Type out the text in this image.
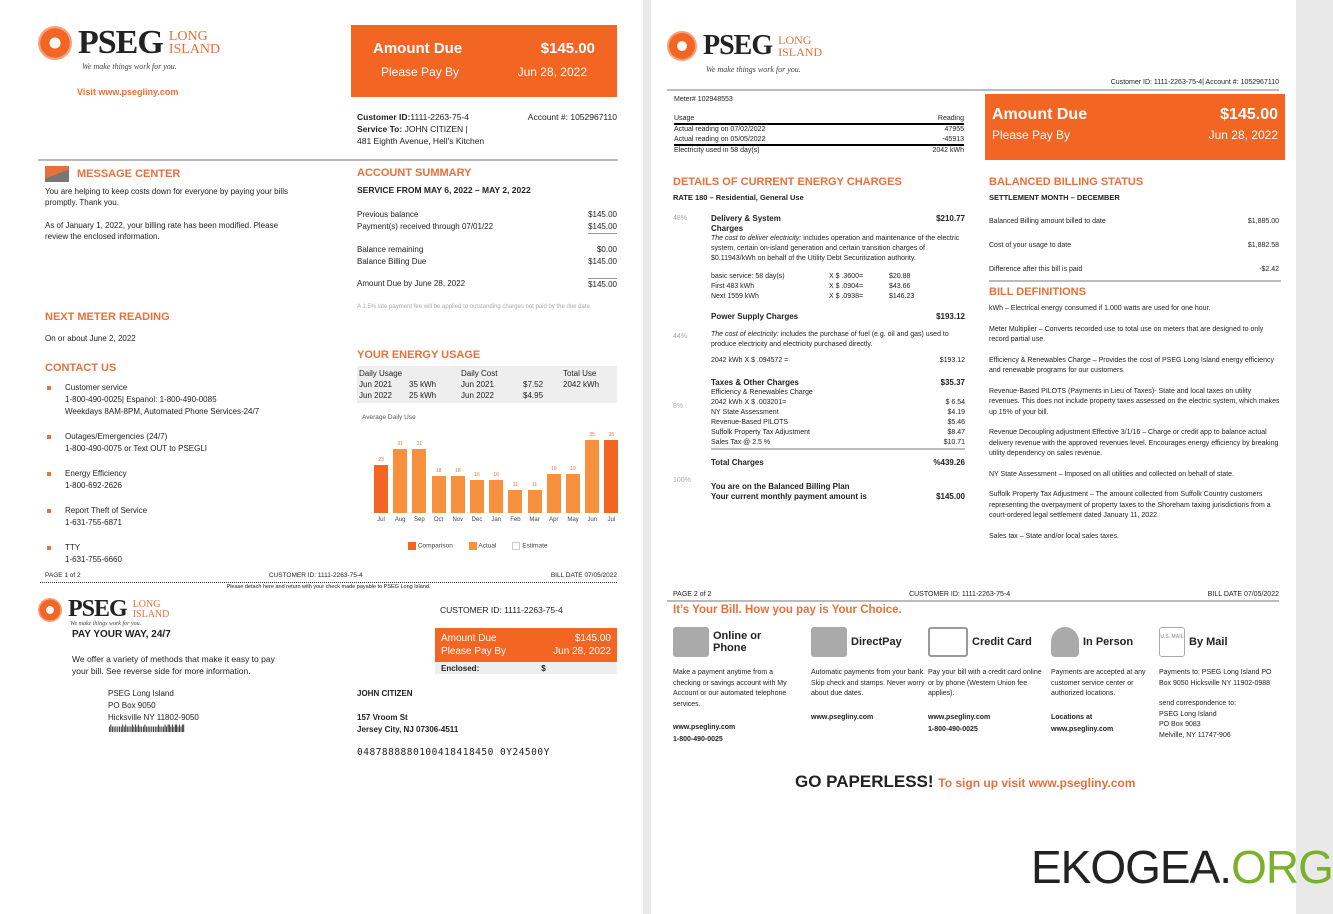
PSEG LONG
ISLAND
We make things work for you.
Visit www.psegliny.com
Amount Due	$145.00
Please Pay By	Jun 28, 2022
Customer ID:1111-2263-75-4	Account #: 1052967110
Service To: JOHN CITIZEN |
481 Eighth Avenue, Hell's Kitchen
MESSAGE CENTER

You are helping to keep costs down for everyone by paying your bills promptly. Thank you.

As of January 1, 2022, your billing rate has been modified. Please review the enclosed information.

NEXT METER READING

On or about June 2, 2022

CONTACT US
Customer service
1-800-490-0025| Espanol: 1-800-490-0085
Weekdays 8AM-8PM, Automated Phone Services-24/7
Outages/Emergencies (24/7)
1-800-490-0075 or Text OUT to PSEGLI
Energy Efficiency
1-800-692-2626
Report Theft of Service
1-631-755-6871
TTY
1-631-755-6660
ACCOUNT SUMMARY
SERVICE FROM MAY 6, 2022 – MAY 2, 2022
Previous balance	$145.00
Payment(s) received through 07/01/22	$145.00
Balance remaining	$0.00
Balance Billing Due	$145.00
Amount Due by June 28, 2022	$145.00
A 1.5% late payment fee will be applied to outstanding charges not paid by the due date.
YOUR ENERGY USAGE
Daily Usage	Daily Cost	Total Use
Jun 2021	35 kWh	Jun 2021	$7.52	2042 kWh
Jun 2022	25 kWh	Jun 2022	$4.95
Average Daily Use
23
31	31
18	18
16	16
11	11
19	19
35	35
Jul	Aug	Sep	Oct	Nov	Dec	Jan	Feb	Mar	Apr	May	Jun	Jul
Comparison	Actual	Estimate
PAGE 1 of 2	CUSTOMER ID: 1111-2263-75-4	BILL DATE 07/05/2022
Please detach here and return with your check made payable to PSEG Long Island.
PSEG LONG
ISLAND
We make things work for you.
PAY YOUR WAY, 24/7

We offer a variety of methods that make it easy to pay your bill. See reverse side for more information.

CUSTOMER ID: 1111-2263-75-4
Amount Due	$145.00
Please Pay By	Jun 28, 2022
Enclosed:	$
PSEG Long Island
PO Box 9050
Hicksville NY 11802-9050
ılıııııılılııılılılııılııııııılııılıllılıllılıll
JOHN CITIZEN
157 Vroom St
Jersey City, NJ 07306-4511
0487888880100418418450 0Y24500Y
PSEG LONG
ISLAND
We make things work for you.
Customer ID: 1111-2263-75-4| Account #: 1052967110
Meter# 102948553
Usage	Reading
Actual reading on 07/02/2022	47955
Actual reading on 05/05/2022	-45913
Electricity used in 58 day(s)	2042 kWh
Amount Due	$145.00
Please Pay By	Jun 28, 2022
DETAILS OF CURRENT ENERGY CHARGES
RATE 180 – Residential, General Use
48%	Delivery & System Charges
$210.77

The cost to deliver electricity: includes operation and maintenance of the electric system, certain on-island generation and certain transition charges of $0.11943/kWh on behalf of the Utility Debt Securitization authority.

basic service: 58 day(s)	X $ .3600=	$20.88
First 483 kWh	X $ .0904=	$43.66
Next 1559 kWh	X $ .0938=	$146.23
44%
Power Supply Charges	$193.12

The cost of electricity: includes the purchase of fuel (e.g. oil and gas) used to produce electricity and electricity purchased directly.

2042 kWh X $ .094572 =	$193.12
8%
Taxes & Other Charges	$35.37
Efficiency & Renewables Charge
2042 kWh X $ .003201=	$ 6.54
NY State Assessment	$4.19
Revenue-Based PILOTS	$5.46
Suffolk Property Tax Adjustment	$8.47
Sales Tax @ 2.5 %	$10.71
100%
Total Charges	%439.26
You are on the Balanced Billing Plan
Your current monthly payment amount is	$145.00
BALANCED BILLING STATUS
SETTLEMENT MONTH – DECEMBER
Balanced Billing amount billed to date	$1,885.00
Cost of your usage to date	$1,882.58
Difference after this bill is paid	-$2.42
BILL DEFINITIONS

kWh – Electrical energy consumed if 1.000 watts are used for one hour.

Meter Multiplier – Converts recorded use to total use on meters that are designed to only record partial use.

Efficiency & Renewables Charge – Provides the cost of PSEG Long Island energy efficiency and renewable programs for our customers.

Revenue-Based PILOTS (Payments in Lieu of Taxes)- State and local taxes on utility revenues. This does not include property taxes assessed on the electric system, which makes up 15% of your bill.

Revenue Decoupling adjustment Effective 3/1/16 – Charge or credit app to balance actual delivery revenue with the approved revenues level. Encourages energy efficiency by breaking utility dependency on sales revenue.

NY State Assessment – Imposed on all utilities and collected on behalf of state.

Suffolk Property Tax Adjustment – The amount collected from Suffolk Country customers representing the overpayment of property taxes to the Shoreham taxing jurisdictions from a court-ordered legal settlement dated January 11, 2022.

Sales tax – State and/or local sales taxes.

PAGE 2 of 2	CUSTOMER ID: 1111-2263-75-4	BILL DATE 07/05/2022
It’s Your Bill. How you pay is Your Choice.
GO PAPERLESS! To sign up visit www.psegliny.com
EKOGEA.ORG
Online or Phone

Make a payment anytime from a checking or savings account with My Account or our automated telephone services.

www.psegliny.com
1-800-490-0025
DirectPay

Automatic payments from your bank. Skip check and stamps. Never worry about due dates.

www.psegliny.com
Credit Card

Pay your bill with a credit card online or by phone (Western Union fee applies).

www.psegliny.com
1-800-490-0025
In Person

Payments are accepted at any customer service center or authorized locations.

Locations at
www.psegliny.com
U.S. MAIL By Mail

Payments to: PSEG Long Island PO Box 9050 Hicksville NY 11902-0988

send correspondence to:
PSEG Long Island
PO Box 9083
Melville, NY 11747-906
